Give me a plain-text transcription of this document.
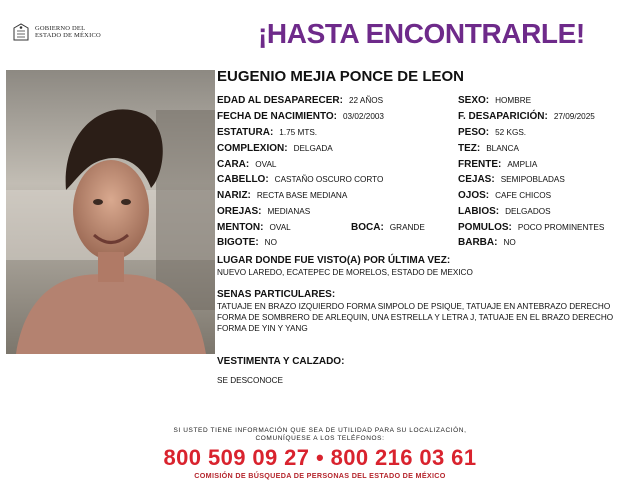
GOBIERNO DEL
ESTADO DE MÉXICO	¡HASTA ENCONTRARLE!
EUGENIO MEJIA PONCE DE LEON
EDAD AL DESAPARECER: 22 AÑOS
FECHA DE NACIMIENTO: 03/02/2003
ESTATURA: 1.75 MTS.
COMPLEXION: DELGADA
CARA: OVAL
CABELLO: CASTAÑO OSCURO CORTO
NARIZ: RECTA BASE MEDIANA
OREJAS: MEDIANAS
MENTON: OVAL
BIGOTE: NO
BOCA: GRANDE
SEXO: HOMBRE
F. DESAPARICIÓN: 27/09/2025
PESO: 52 KGS.
TEZ: BLANCA
FRENTE: AMPLIA
CEJAS: SEMIPOBLADAS
OJOS: CAFE CHICOS
LABIOS: DELGADOS
POMULOS: POCO PROMINENTES
BARBA: NO
LUGAR DONDE FUE VISTO(A) POR ÚLTIMA VEZ:
NUEVO LAREDO, ECATEPEC DE MORELOS, ESTADO DE MEXICO
SENAS PARTICULARES:
TATUAJE EN BRAZO IZQUIERDO FORMA SIMPOLO DE PSIQUE, TATUAJE EN ANTEBRAZO DERECHO FORMA DE SOMBRERO DE ARLEQUIN, UNA ESTRELLA Y LETRA J, TATUAJE EN EL BRAZO DERECHO FORMA DE YIN Y YANG
VESTIMENTA Y CALZADO:
SE DESCONOCE
SI USTED TIENE INFORMACIÓN QUE SEA DE UTILIDAD PARA SU LOCALIZACIÓN,
COMUNÍQUESE A LOS TELÉFONOS:
800 509 09 27 • 800 216 03 61
COMISIÓN DE BÚSQUEDA DE PERSONAS DEL ESTADO DE MÉXICO
